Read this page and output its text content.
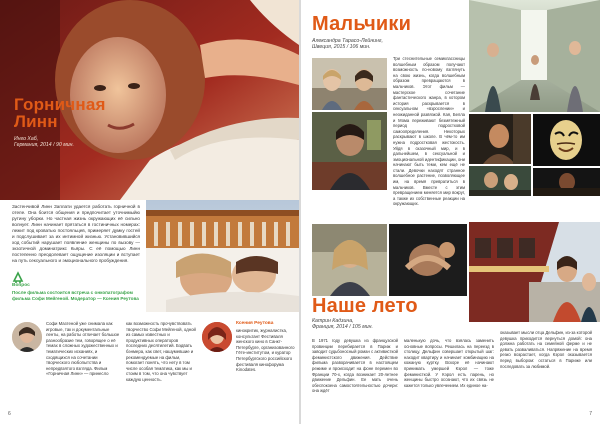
Горничная
Линн
Инго Хаб,
Германия, 2014 / 90 мин.
Застенчивой Линн Заплати удается работать горничной в отеле. Она боится общения и предпочитает уточнимыйю рутину уборки. Но частная жизнь окружающих её сильно волнует. Линн начинает прятаться в гостиничных номерах: лежит под кроватью постояльцев, примеряет думку гостей и подслушивает за их интимной жизнью. Установившийся ход событий нарушает появление женщины по вызову — экзотичной доминатрикс Кьяры. С её помощью Линн постепенно преодолевает ощущение изоляции и вступает на путь сексуального и эмоционального пробуждения.
Вопрос
После фильма состоится встреча с онкопатографом фильма Софи Мейгеной. Модератор — Ксения Реутова
Софи Мазтеной уже снимала как игровые, так и документальные ленты, на работы отличает большое разнообразие тем, говорящее о её темах в сложных художественных и тематических исканиях, и сходящихся на сочетании творческого любопытства и непредвзятого взгляда. Фильм «Горничная Линн» — принесло
как возможность прочувствовать творчество Софи Мейгеной, одной из самых известных и продуктивных операторов последних десятилетий. Бэдвать бэнмера, как свет, нашумевшие и рекомендуемые на фильм, помогает понять, что нету в том числе особая тематика, как мы и стоим в том, что она чувствует каждую ценность.
Ксения Реутова
кинокритик, журналистка, консультант Фестиваля женского кино в Санкт-Петербурге, организованного Гёте-институтом, и куратор Петербургского российского фестиваля кинофорума Kinodates.
6
Мальчики
Александра Тарасо-Лейнинг,
Швеция, 2015 / 106 мин.
Три стеснительные семиклассницы волшебным образом получают возможность по-новому взглянуть на свою жизнь, когда волшебным образом превращаются в мальчиков. Этот фильм — мастерское сочетание фантастического жанра, в котором история раскрывается в сексуальном «взрослении» и неожиданной развязкой. Кая, Белла и Мома переживают безмятежный период подростковой самоопределения. Некоторых раскрывают в школе. В чём-то им нужна подростковая жестокость. Уйдя в сказочный мир, и в дальнейшем, в сексуальной и эмоциональной идентификации, они начинают быть теми, кем ещё не стали. Девочки находят странное волшебное растение, позволяющее им, на время превратиться в мальчиков. Вместе с этим превращением меняется мир вокруг, а также их собственные реакции на окружающих.
Наше лето
Катрин Кадзина,
Франция, 2014 / 105 мин.
В 1971 году девушка из французской провинции перебирается в Париж и заводит судьбоносный роман с активисткой феминистского движения. Действие фильма разворачивается в настоящем режиме и происходит на фоне перемен во Франции 70-х, когда возникает 20-летнее движение Дельфин. Ее мать очень обеспокоена самостоятельностью дочери: она ждёт
маленькую дочь, что взялась заменить основные вопросы. Решилась на переезд в столицу. Дельфин совершает открытый шаг: находит квартиру и начинает комбинацию на кожаную куртку. Вскоре её начинают принимать умершей Кэрол — тоже феминисткой. У Кэрол есть парень, но женщины быстро осознают, что их связь не кажется только увлечением. Их единое на-
оказывает мысли отца Дельфин, из-за которой девушка приходится вернуться домой: она должна работать на семейной ферме и не девать разваливаться. Напряжение на время резко возрастает, когда Кэрол оказывается перед выбором: остаться в Париже или последовать за любимой.
7
